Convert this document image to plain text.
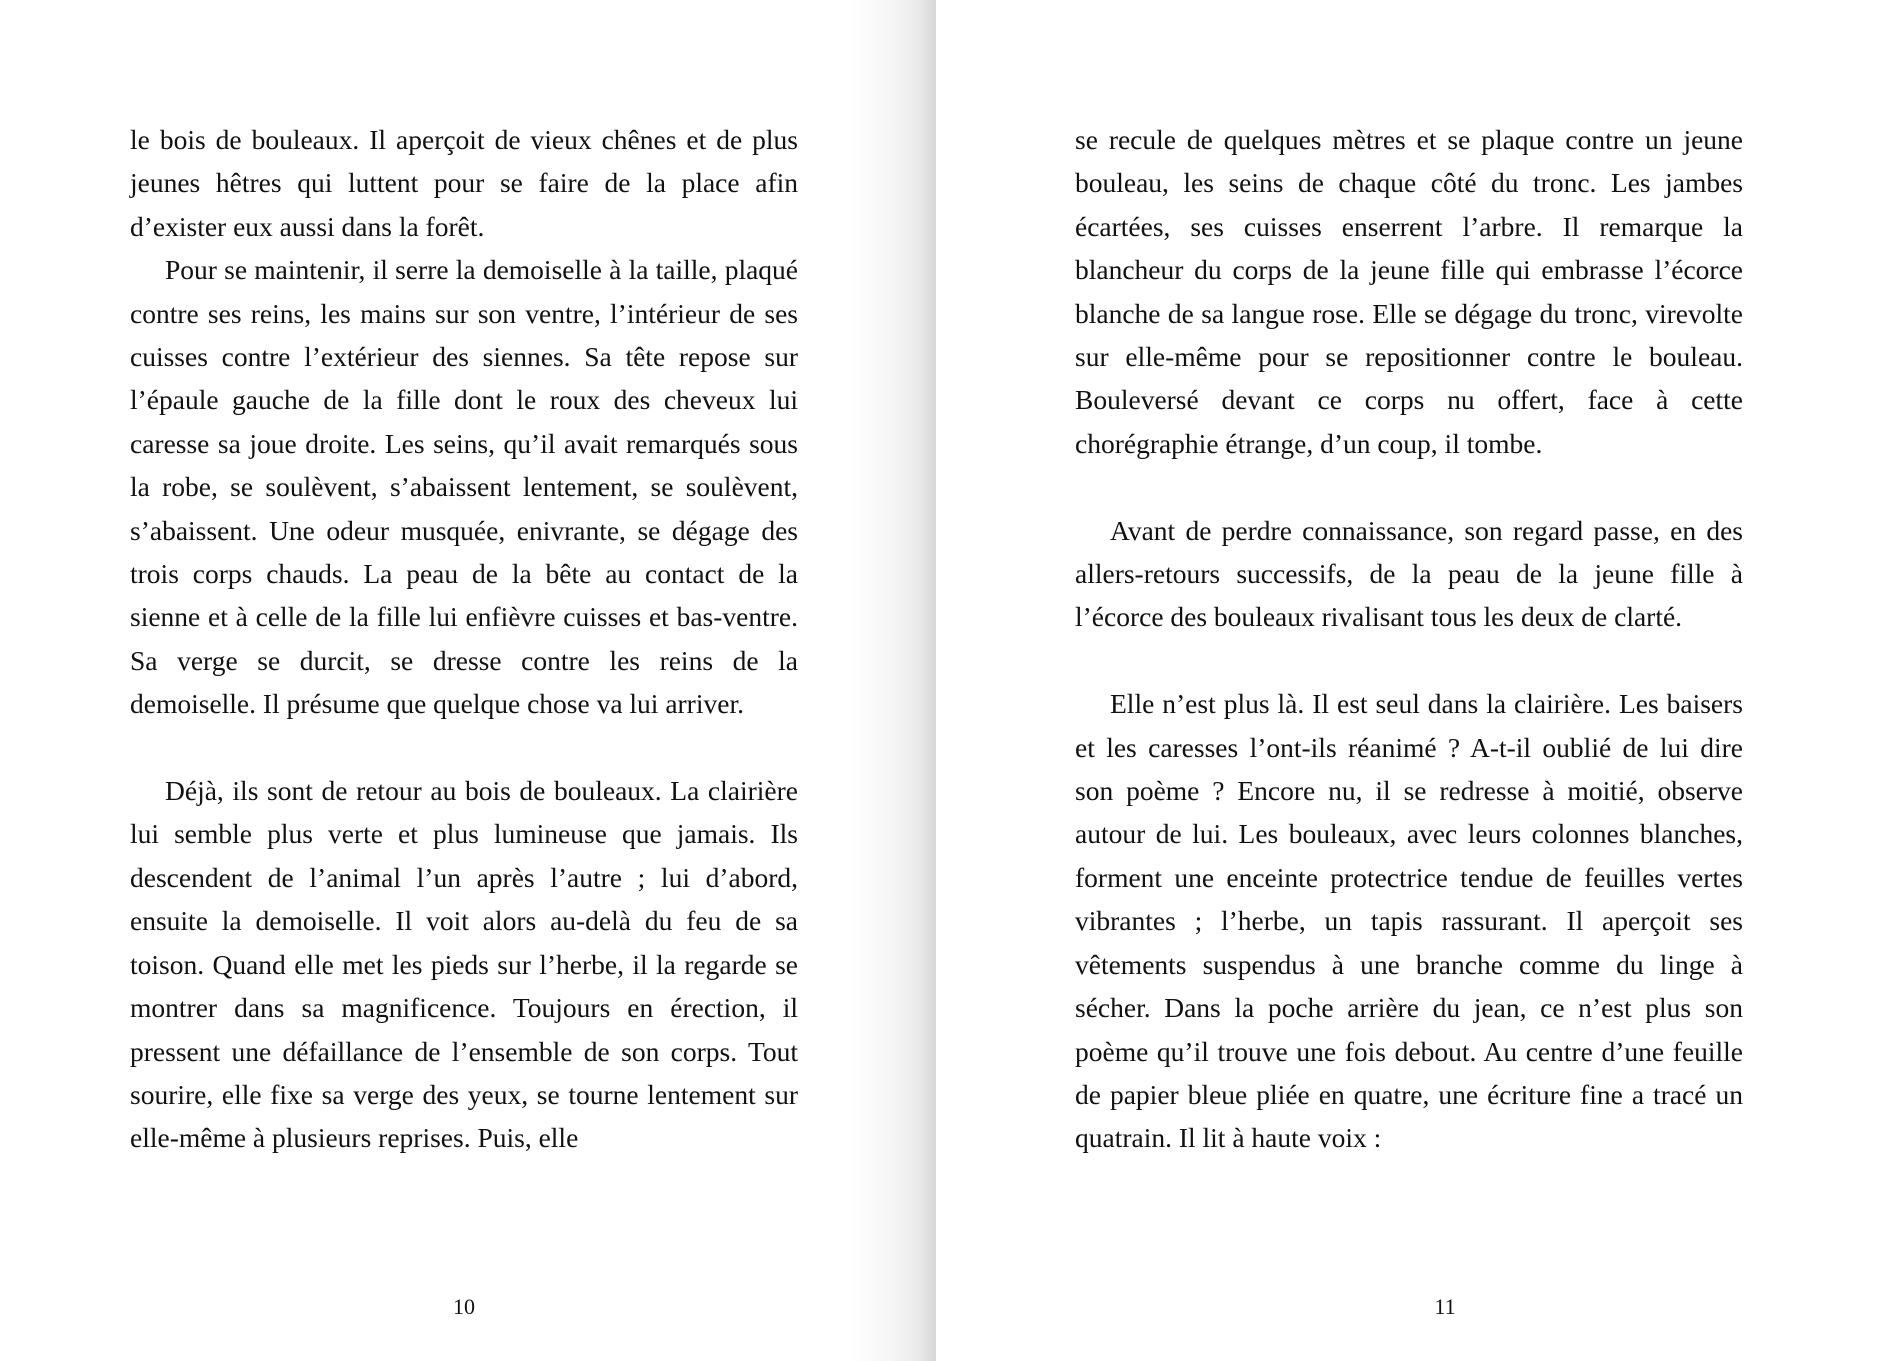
le bois de bouleaux. Il aperçoit de vieux chênes et de plus jeunes hêtres qui luttent pour se faire de la place afin d’exister eux aussi dans la forêt.

Pour se maintenir, il serre la demoiselle à la taille, plaqué contre ses reins, les mains sur son ventre, l’intérieur de ses cuisses contre l’extérieur des siennes. Sa tête repose sur l’épaule gauche de la fille dont le roux des cheveux lui caresse sa joue droite. Les seins, qu’il avait remarqués sous la robe, se soulèvent, s’abaissent lentement, se soulèvent, s’abaissent. Une odeur musquée, enivrante, se dégage des trois corps chauds. La peau de la bête au contact de la sienne et à celle de la fille lui enfièvre cuisses et bas-ventre. Sa verge se durcit, se dresse contre les reins de la demoiselle. Il présume que quelque chose va lui arriver.

Déjà, ils sont de retour au bois de bouleaux. La clairière lui semble plus verte et plus lumineuse que jamais. Ils descendent de l’animal l’un après l’autre ; lui d’abord, ensuite la demoiselle. Il voit alors au-delà du feu de sa toison. Quand elle met les pieds sur l’herbe, il la regarde se montrer dans sa magnificence. Toujours en érection, il pressent une défaillance de l’ensemble de son corps. Tout sourire, elle fixe sa verge des yeux, se tourne lentement sur elle-même à plusieurs reprises. Puis, elle

10

se recule de quelques mètres et se plaque contre un jeune bouleau, les seins de chaque côté du tronc. Les jambes écartées, ses cuisses enserrent l’arbre. Il remarque la blancheur du corps de la jeune fille qui embrasse l’écorce blanche de sa langue rose. Elle se dégage du tronc, virevolte sur elle-même pour se repositionner contre le bouleau. Bouleversé devant ce corps nu offert, face à cette chorégraphie étrange, d’un coup, il tombe.

Avant de perdre connaissance, son regard passe, en des allers-retours successifs, de la peau de la jeune fille à l’écorce des bouleaux rivalisant tous les deux de clarté.

Elle n’est plus là. Il est seul dans la clairière. Les baisers et les caresses l’ont-ils réanimé ? A-t-il oublié de lui dire son poème ? Encore nu, il se redresse à moitié, observe autour de lui. Les bouleaux, avec leurs colonnes blanches, forment une enceinte protectrice tendue de feuilles vertes vibrantes ; l’herbe, un tapis rassurant. Il aperçoit ses vêtements suspendus à une branche comme du linge à sécher. Dans la poche arrière du jean, ce n’est plus son poème qu’il trouve une fois debout. Au centre d’une feuille de papier bleue pliée en quatre, une écriture fine a tracé un quatrain. Il lit à haute voix :

11
